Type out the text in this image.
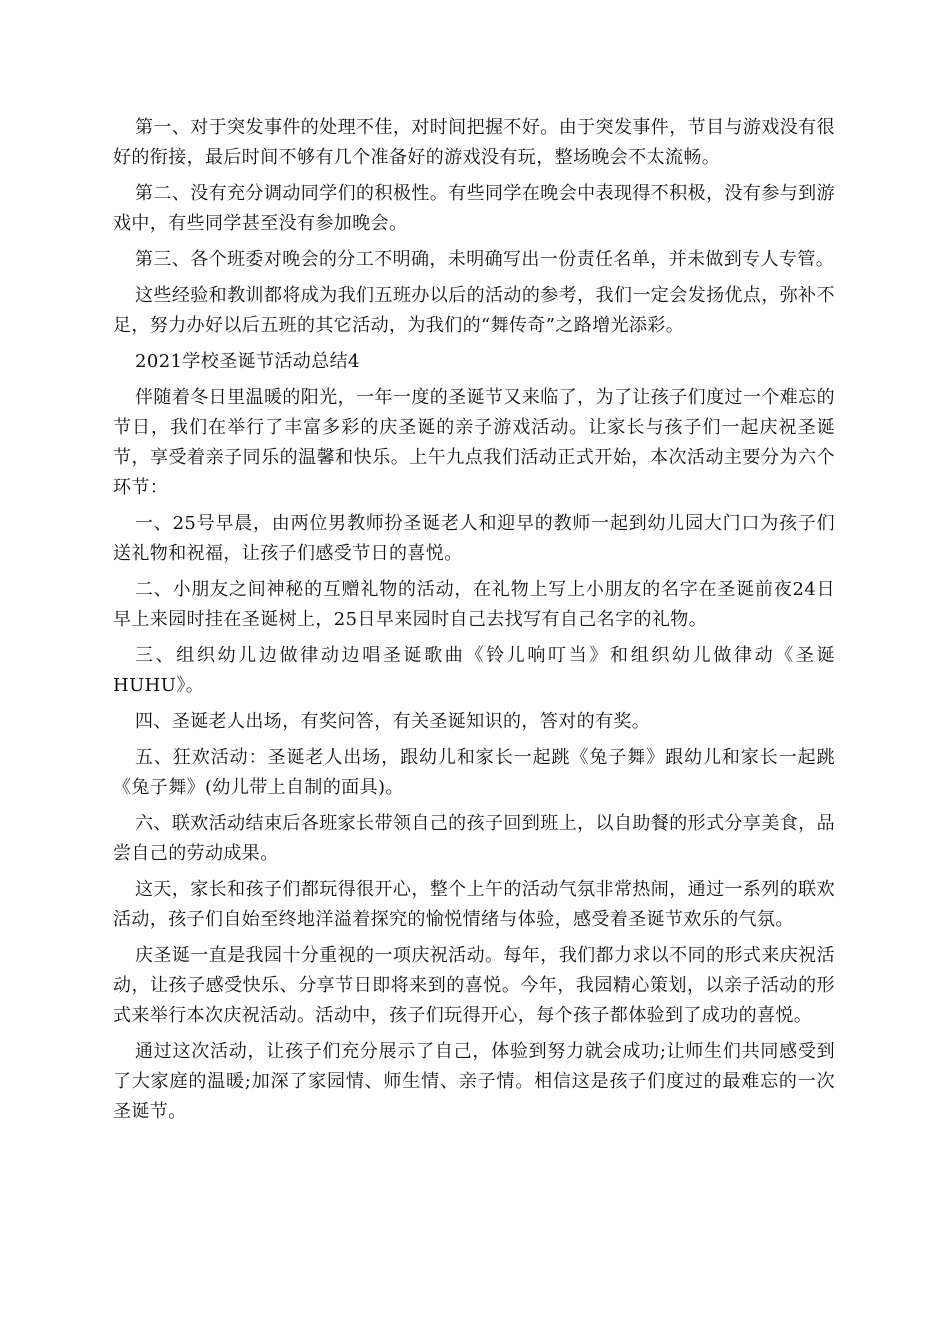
第一、对于突发事件的处理不佳，对时间把握不好。由于突发事件，节目与游戏没有很好的衔接，最后时间不够有几个准备好的游戏没有玩，整场晚会不太流畅。

第二、没有充分调动同学们的积极性。有些同学在晚会中表现得不积极，没有参与到游戏中，有些同学甚至没有参加晚会。

第三、各个班委对晚会的分工不明确，未明确写出一份责任名单，并未做到专人专管。

这些经验和教训都将成为我们五班办以后的活动的参考，我们一定会发扬优点，弥补不足，努力办好以后五班的其它活动，为我们的“舞传奇”之路增光添彩。

2021学校圣诞节活动总结4

伴随着冬日里温暖的阳光，一年一度的圣诞节又来临了，为了让孩子们度过一个难忘的节日，我们在举行了丰富多彩的庆圣诞的亲子游戏活动。让家长与孩子们一起庆祝圣诞节，享受着亲子同乐的温馨和快乐。上午九点我们活动正式开始，本次活动主要分为六个环节：

一、25号早晨，由两位男教师扮圣诞老人和迎早的教师一起到幼儿园大门口为孩子们送礼物和祝福，让孩子们感受节日的喜悦。

二、小朋友之间神秘的互赠礼物的活动，在礼物上写上小朋友的名字在圣诞前夜24日早上来园时挂在圣诞树上，25日早来园时自己去找写有自己名字的礼物。

三、组织幼儿边做律动边唱圣诞歌曲《铃儿响叮当》和组织幼儿做律动《圣诞HUHU》。

四、圣诞老人出场，有奖问答，有关圣诞知识的，答对的有奖。

五、狂欢活动：圣诞老人出场，跟幼儿和家长一起跳《兔子舞》跟幼儿和家长一起跳《兔子舞》(幼儿带上自制的面具)。

六、联欢活动结束后各班家长带领自己的孩子回到班上，以自助餐的形式分享美食，品尝自己的劳动成果。

这天，家长和孩子们都玩得很开心，整个上午的活动气氛非常热闹，通过一系列的联欢活动，孩子们自始至终地洋溢着探究的愉悦情绪与体验，感受着圣诞节欢乐的气氛。

庆圣诞一直是我园十分重视的一项庆祝活动。每年，我们都力求以不同的形式来庆祝活动，让孩子感受快乐、分享节日即将来到的喜悦。今年，我园精心策划，以亲子活动的形式来举行本次庆祝活动。活动中，孩子们玩得开心，每个孩子都体验到了成功的喜悦。

通过这次活动，让孩子们充分展示了自己，体验到努力就会成功;让师生们共同感受到了大家庭的温暖;加深了家园情、师生情、亲子情。相信这是孩子们度过的最难忘的一次圣诞节。
